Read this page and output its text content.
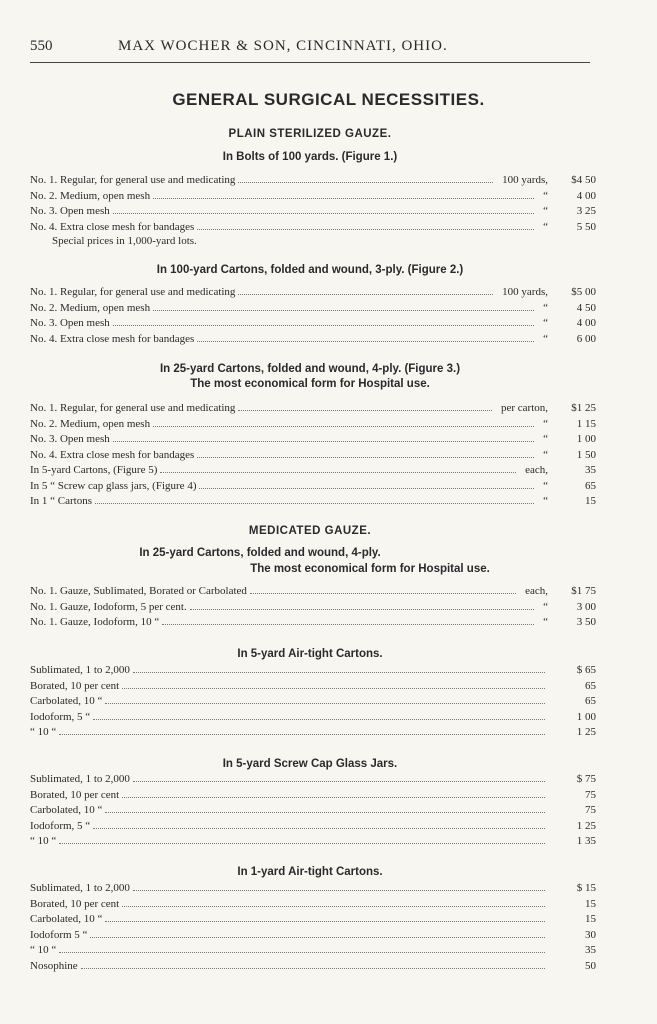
550	MAX WOCHER & SON, CINCINNATI, OHIO.
GENERAL SURGICAL NECESSITIES.
PLAIN STERILIZED GAUZE.
In Bolts of 100 yards. (Figure 1.)
Special prices in 1,000-yard lots.
In 100-yard Cartons, folded and wound, 3-ply. (Figure 2.)
In 25-yard Cartons, folded and wound, 4-ply. (Figure 3.)
The most economical form for Hospital use.
MEDICATED GAUZE.
In 25-yard Cartons, folded and wound, 4-ply.
The most economical form for Hospital use.
In 5-yard Air-tight Cartons.
In 5-yard Screw Cap Glass Jars.
In 1-yard Air-tight Cartons.
No. 1. Regular, for general use and medicating	100 yards,	$4 50
No. 2. Medium, open mesh	“	4 00
No. 3. Open mesh	“	3 25
No. 4. Extra close mesh for bandages	“	5 50
No. 1. Regular, for general use and medicating	100 yards,	$5 00
No. 2. Medium, open mesh	“	4 50
No. 3. Open mesh	“	4 00
No. 4. Extra close mesh for bandages	“	6 00
No. 1. Regular, for general use and medicating	per carton,	$1 25
No. 2. Medium, open mesh	“	1 15
No. 3. Open mesh	“	1 00
No. 4. Extra close mesh for bandages	“	1 50
In 5-yard Cartons, (Figure 5)	each,	35
In 5 “ Screw cap glass jars, (Figure 4)	“	65
In 1 “ Cartons	“	15
No. 1. Gauze, Sublimated, Borated or Carbolated	each,	$1 75
No. 1. Gauze, Iodoform, 5 per cent.	“	3 00
No. 1. Gauze, Iodoform, 10 “	“	3 50
Sublimated, 1 to 2,000	$ 65
Borated, 10 per cent	65
Carbolated, 10 “	65
Iodoform, 5 “	1 00
“ 10 “	1 25
Sublimated, 1 to 2,000	$ 75
Borated, 10 per cent	75
Carbolated, 10 “	75
Iodoform, 5 “	1 25
“ 10 “	1 35
Sublimated, 1 to 2,000	$ 15
Borated, 10 per cent	15
Carbolated, 10 “	15
Iodoform 5 “	30
“ 10 “	35
Nosophine	50
